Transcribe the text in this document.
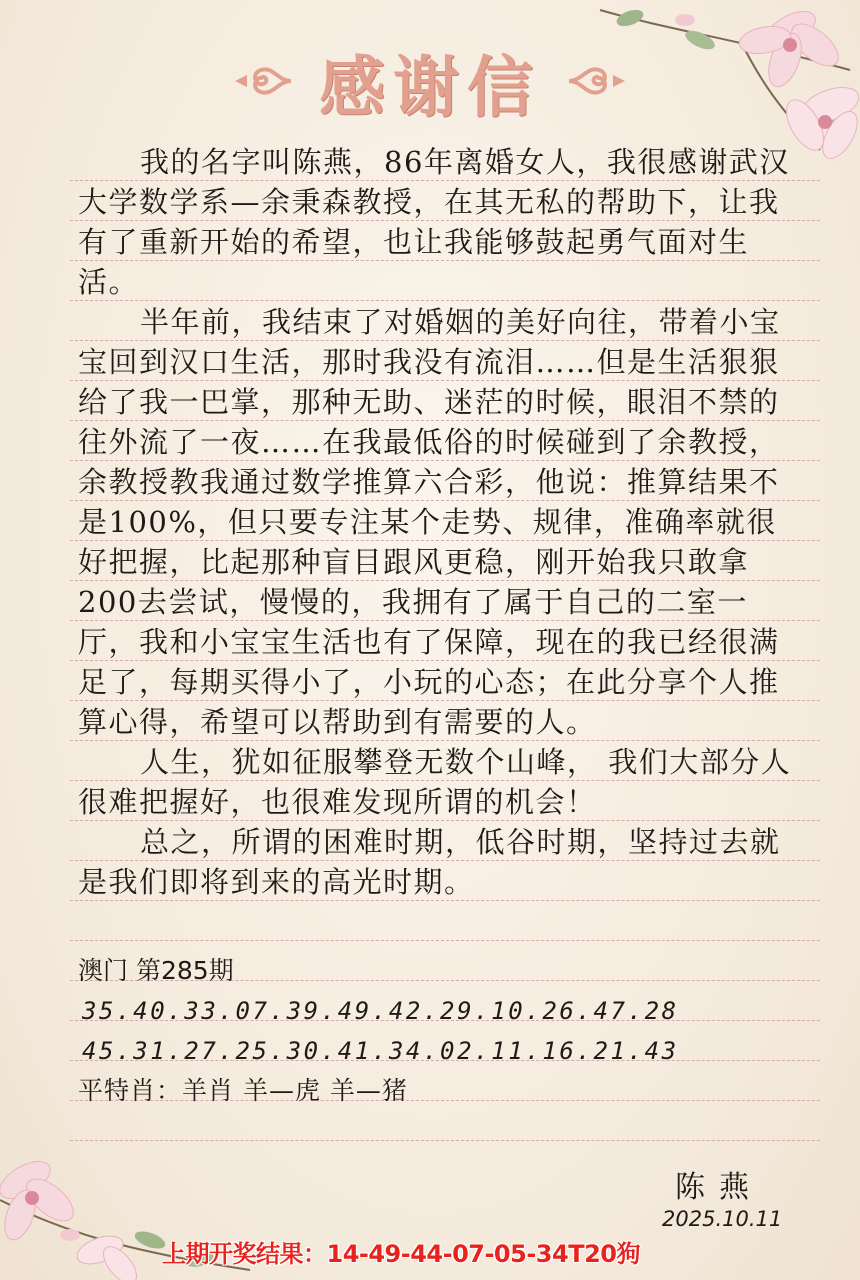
感谢信

我的名字叫陈燕，86年离婚女人，我很感谢武汉大学数学系—余秉森教授，在其无私的帮助下，让我有了重新开始的希望，也让我能够鼓起勇气面对生活。

半年前，我结束了对婚姻的美好向往，带着小宝宝回到汉口生活，那时我没有流泪……但是生活狠狠给了我一巴掌，那种无助、迷茫的时候，眼泪不禁的往外流了一夜……在我最低俗的时候碰到了余教授，余教授教我通过数学推算六合彩，他说：推算结果不是100%，但只要专注某个走势、规律，准确率就很好把握，比起那种盲目跟风更稳，刚开始我只敢拿200去尝试，慢慢的，我拥有了属于自己的二室一厅，我和小宝宝生活也有了保障，现在的我已经很满足了，每期买得小了，小玩的心态；在此分享个人推算心得，希望可以帮助到有需要的人。

人生，犹如征服攀登无数个山峰， 我们大部分人很难把握好，也很难发现所谓的机会！

总之，所谓的困难时期，低谷时期，坚持过去就是我们即将到来的高光时期。

澳门 第285期
35.40.33.07.39.49.42.29.10.26.47.28
45.31.27.25.30.41.34.02.11.16.21.43
平特肖：羊肖 羊—虎 羊—猪
陈燕
2025.10.11
上期开奖结果：14-49-44-07-05-34T20狗
